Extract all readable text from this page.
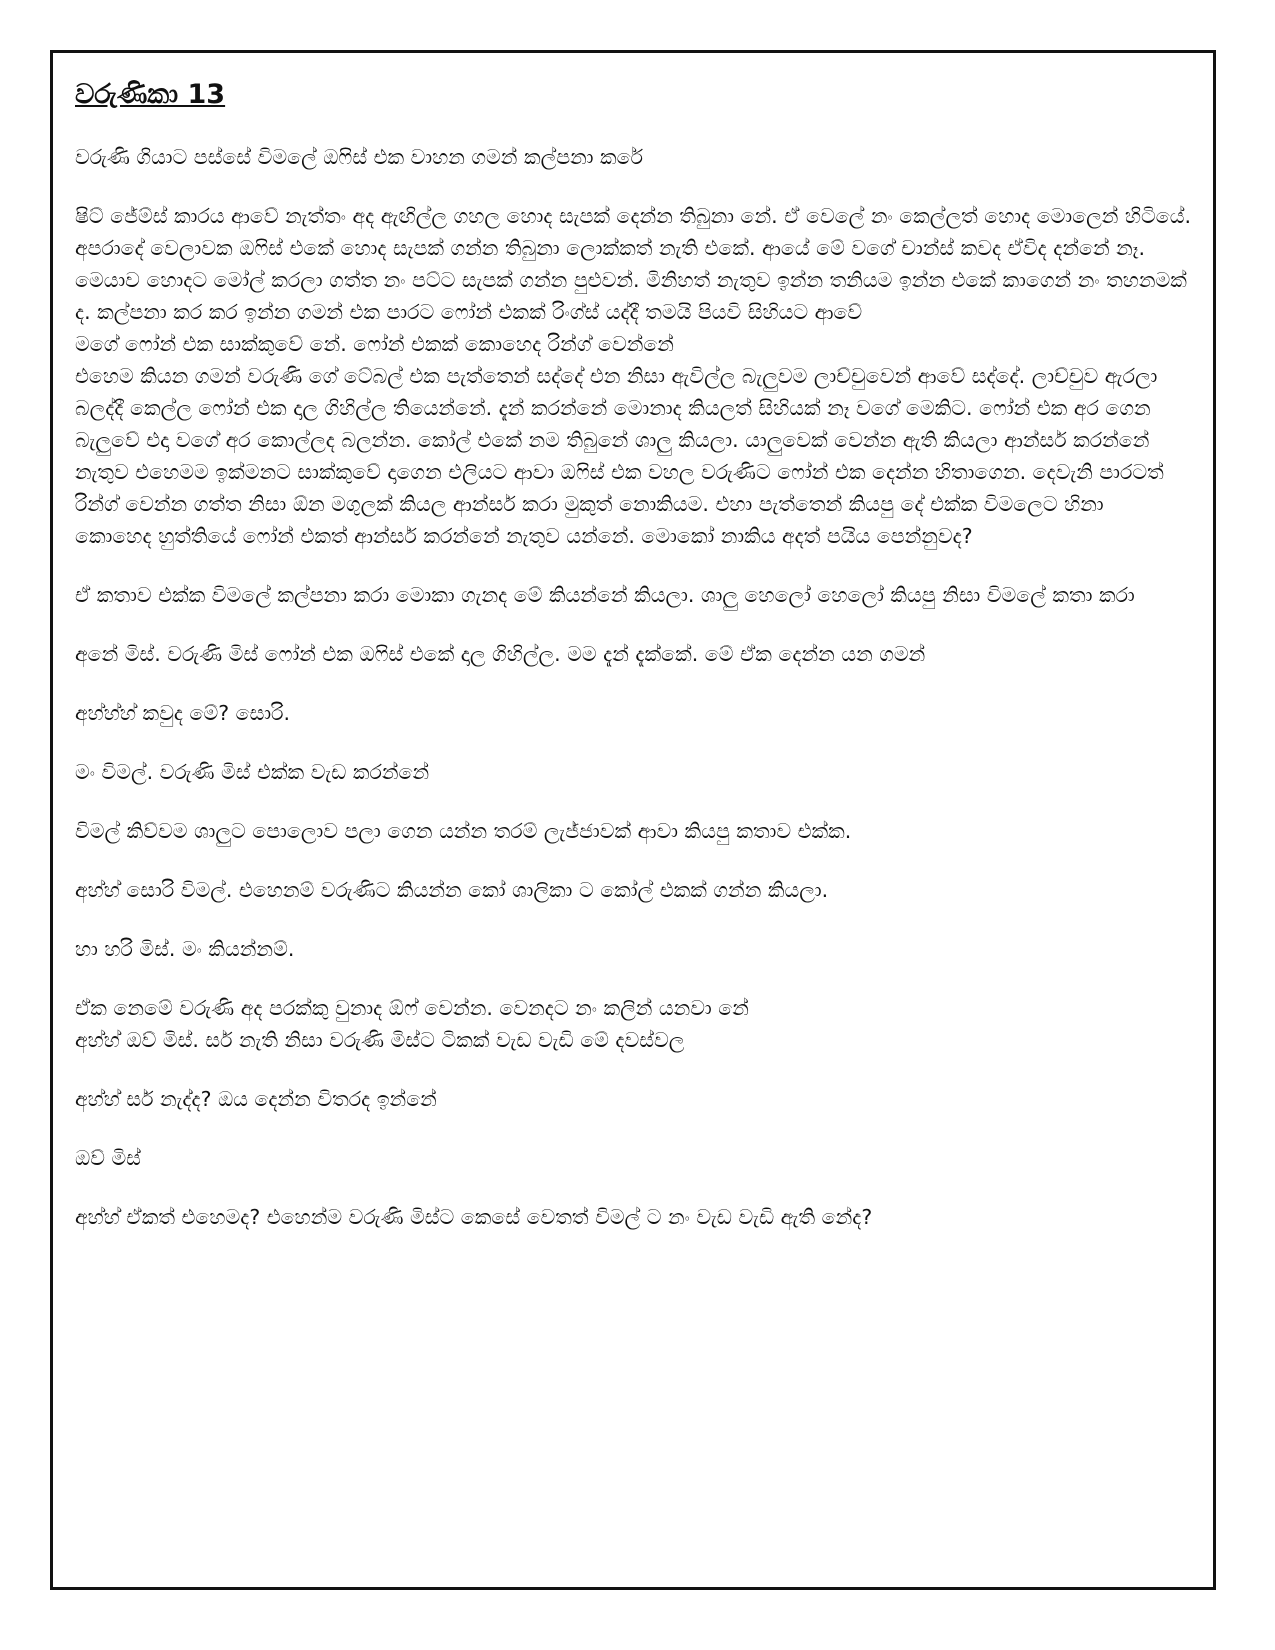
වරුණිකා 13

වරුණි ගියාට පස්සේ විමලේ ඔෆිස් එක වාහන ගමන් කල්පනා කරේ

ෂිට් ජේම්ස් කාරය ආවේ නැත්තං අද ඇඟිල්ල ගහල හොද සැපක් දෙන්න තිබුනා නේ. ඒ වෙලේ නං කෙල්ලත් හොද මොලෙන් හිටියේ. අපරාදේ වෙලාවක ඔෆිස් එකේ හොද සැපක් ගන්න තිබුනා ලොක්කත් නැති එකේ. ආයේ මේ වගේ චාන්ස් කවද ඒවිද දන්නේ නෑ. මෙයාව හොදට මෝල් කරලා ගත්ත නං පට්ට සැපක් ගන්න පුළුවන්. මිනිහත් නැතුව ඉන්න තනියම ඉන්න එකේ කාගෙන් නං තහනමක් ද. කල්පනා කර කර ඉන්න ගමන් එක පාරට ෆෝන් එකක් රිංග්ස් යද්දී තමයි පියවි සිහියට ආවේ
මගේ ෆෝන් එක සාක්කුවේ නේ. ෆෝන් එකක් කොහෙද රින්ග් වෙන්නේ
එහෙම කියන ගමන් වරුණි ගේ ටේබල් එක පැත්තෙන් සද්දේ එන නිසා ඇවිල්ල බැලුවම ලාච්චුවෙන් ආවේ සද්දේ. ලාච්චුව ඇරලා බලද්දී කෙල්ල ෆෝන් එක දාල ගිහිල්ල තියෙන්නේ. දැන් කරන්නේ මොනාද කියලත් සිහියක් නෑ වගේ මෙකිට. ෆෝන් එක අර ගෙන බැලුවේ එදා වගේ අර කොල්ලද බලන්න. කෝල් එකේ නම තිබුනේ ශාලු කියලා. යාලුවෙක් වෙන්න ඇති කියලා ආන්සර් කරන්නේ නැතුව එහෙමම ඉක්මනට සාක්කුවේ දාගෙන එලියට ආවා ඔෆිස් එක වහල වරුණිට ෆෝන් එක දෙන්න හිතාගෙන. දෙවැනි පාරටත් රින්ග් වෙන්න ගත්ත නිසා ඕන මගුලක් කියල ආන්සර් කරා මුකුත් නොකියම. එහා පැත්තෙන් කියපු දේ එක්ක විමලෙට හිනා
කොහෙද හුත්තියේ ෆෝන් එකත් ආන්සර් කරන්නේ නැතුව යන්නේ. මොකෝ නාකිය අදත් පයිය පෙන්නුවද?

ඒ කතාව එක්ක විමලේ කල්පනා කරා මොකා ගැනද මේ කියන්නේ කියලා. ශාලු හෙලෝ හෙලෝ කියපු නිසා විමලේ කතා කරා

අනේ මිස්. වරුණි මිස් ෆෝන් එක ඔෆිස් එකේ දාල ගිහිල්ල. මම දැන් දැක්කේ. මේ ඒක දෙන්න යන ගමන්

අහ්හ්හ් කවුද මේ? සොරි.

මං විමල්. වරුණි මිස් එක්ක වැඩ කරන්නේ

විමල් කිව්වම ශාලුට පොලොව පලා ගෙන යන්න තරම් ලැජ්ජාවක් ආවා කියපු කතාව එක්ක.

අහ්හ් සොරි විමල්. එහෙනම් වරුණිට කියන්න කෝ ශාලිකා ට කෝල් එකක් ගන්න කියලා.

හා හරි මිස්. මං කියන්නම්.

ඒක නෙමේ වරුණි අද පරක්කු වුනාද ඕෆ් වෙන්න. වෙනදට නං කලින් යනවා නේ
අහ්හ් ඔව් මිස්. සර් නැති නිසා වරුණි මිස්ට ටිකක් වැඩ වැඩි මේ දවස්වල

අහ්හ් සර් නැද්ද? ඔය දෙන්න විතරද ඉන්නේ

ඔව් මිස්

අහ්හ් ඒකත් එහෙමද? එහෙන්ම වරුණි මිස්ට කෙසේ වෙතත් විමල් ට නං වැඩ වැඩි ඇති නේද?
